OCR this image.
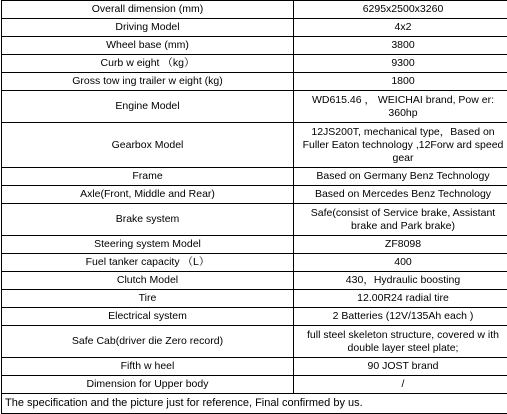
Overall dimension (mm)	6295x2500x3260
Driving Model	4x2
Wheel base (mm)	3800
Curb w eight （kg）	9300
Gross tow ing trailer w eight (kg)	1800
Engine Model	WD615.46 ， WEICHAI brand, Pow er: 360hp
Gearbox Model	12JS200T, mechanical type，Based on Fuller Eaton technology ,12Forw ard speed gear
Frame	Based on Germany Benz Technology
Axle(Front, Middle and Rear)	Based on Mercedes Benz Technology
Brake system	Safe(consist of Service brake, Assistant brake and Park brake)
Steering system Model	ZF8098
Fuel tanker capacity （L）	400
Clutch Model	430，Hydraulic boosting
Tire	12.00R24 radial tire
Electrical system	2 Batteries (12V/135Ah each )
Safe Cab(driver die Zero record)	full steel skeleton structure, covered w ith double layer steel plate;
Fifth w heel	90 JOST brand
Dimension for Upper body	/
The specification and the picture just for reference, Final confirmed by us.	
